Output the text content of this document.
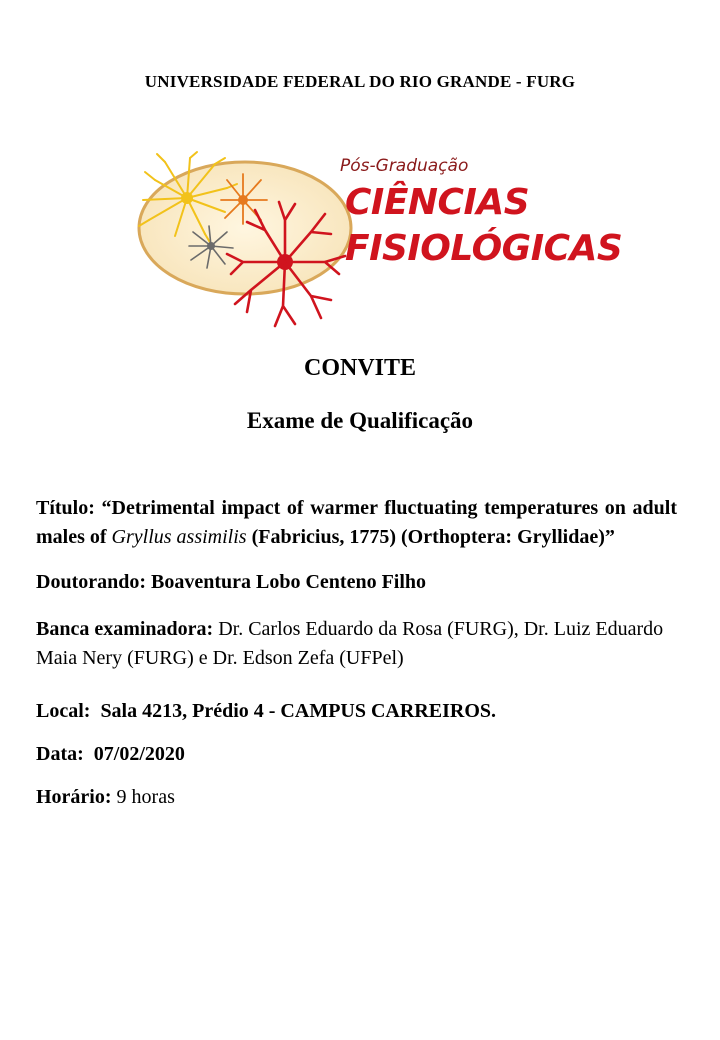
UNIVERSIDADE FEDERAL DO RIO GRANDE - FURG
Pós-Graduação
CIÊNCIAS
FISIOLÓGICAS
CONVITE
Exame de Qualificação

Título: “Detrimental impact of warmer fluctuating temperatures on adult males of Gryllus assimilis (Fabricius, 1775) (Orthoptera: Gryllidae)”

Doutorando: Boaventura Lobo Centeno Filho

Banca examinadora: Dr. Carlos Eduardo da Rosa (FURG), Dr. Luiz Eduardo Maia Nery (FURG) e Dr. Edson Zefa (UFPel)

Local: Sala 4213, Prédio 4 - CAMPUS CARREIROS.

Data: 07/02/2020

Horário: 9 horas
